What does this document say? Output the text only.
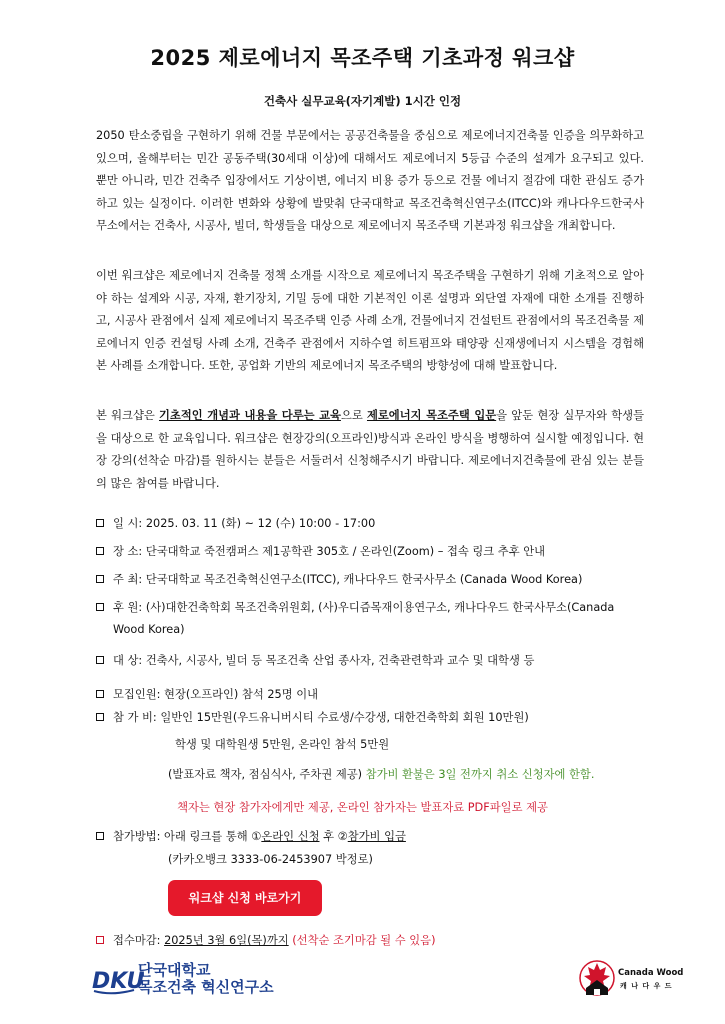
2025 제로에너지 목조주택 기초과정 워크샵
건축사 실무교육(자기계발) 1시간 인정

2050 탄소중립을 구현하기 위해 건물 부문에서는 공공건축물을 중심으로 제로에너지건축물 인증을 의무화하고 있으며, 올해부터는 민간 공동주택(30세대 이상)에 대해서도 제로에너지 5등급 수준의 설계가 요구되고 있다. 뿐만 아니라, 민간 건축주 입장에서도 기상이변, 에너지 비용 증가 등으로 건물 에너지 절감에 대한 관심도 증가하고 있는 실정이다. 이러한 변화와 상황에 발맞춰 단국대학교 목조건축혁신연구소(ITCC)와 캐나다우드한국사무소에서는 건축사, 시공사, 빌더, 학생들을 대상으로 제로에너지 목조주택 기본과정 워크샵을 개최합니다.

이번 워크샵은 제로에너지 건축물 정책 소개를 시작으로 제로에너지 목조주택을 구현하기 위해 기초적으로 알아야 하는 설계와 시공, 자재, 환기장치, 기밀 등에 대한 기본적인 이론 설명과 외단열 자재에 대한 소개를 진행하고, 시공사 관점에서 실제 제로에너지 목조주택 인증 사례 소개, 건물에너지 건설턴트 관점에서의 목조건축물 제로에너지 인증 컨설팅 사례 소개, 건축주 관점에서 지하수열 히트펌프와 태양광 신재생에너지 시스템을 경험해본 사례를 소개합니다. 또한, 공업화 기반의 제로에너지 목조주택의 방향성에 대해 발표합니다.

본 워크샵은 기초적인 개념과 내용을 다루는 교육으로 제로에너지 목조주택 입문을 앞둔 현장 실무자와 학생들을 대상으로 한 교육입니다. 워크샵은 현장강의(오프라인)방식과 온라인 방식을 병행하여 실시할 예정입니다. 현장 강의(선착순 마감)를 원하시는 분들은 서둘러서 신청해주시기 바랍니다. 제로에너지건축물에 관심 있는 분들의 많은 참여를 바랍니다.

일 시: 2025. 03. 11 (화) ~ 12 (수) 10:00 - 17:00

장 소: 단국대학교 죽전캠퍼스 제1공학관 305호 / 온라인(Zoom) – 접속 링크 추후 안내

주 최: 단국대학교 목조건축혁신연구소(ITCC), 캐나다우드 한국사무소 (Canada Wood Korea)

후 원: (사)대한건축학회 목조건축위원회, (사)우디즘목재이용연구소, 캐나다우드 한국사무소(Canada

Wood Korea)

대 상: 건축사, 시공사, 빌더 등 목조건축 산업 종사자, 건축관련학과 교수 및 대학생 등

모집인원: 현장(오프라인) 참석 25명 이내

참 가 비: 일반인 15만원(우드유니버시티 수료생/수강생, 대한건축학회 회원 10만원)

학생 및 대학원생 5만원, 온라인 참석 5만원

(발표자료 책자, 점심식사, 주차권 제공) 참가비 환불은 3일 전까지 취소 신청자에 한함.

책자는 현장 참가자에게만 제공, 온라인 참가자는 발표자료 PDF파일로 제공

참가방법: 아래 링크를 통해 ①온라인 신청 후 ②참가비 입금

(카카오뱅크 3333-06-2453907 박정로)

워크샵 신청 바로가기

접수마감: 2025년 3월 6일(목)까지 (선착순 조기마감 될 수 있음)

DKU
단국대학교
목조건축 혁신연구소
Canada Wood
캐 나 다 우 드
